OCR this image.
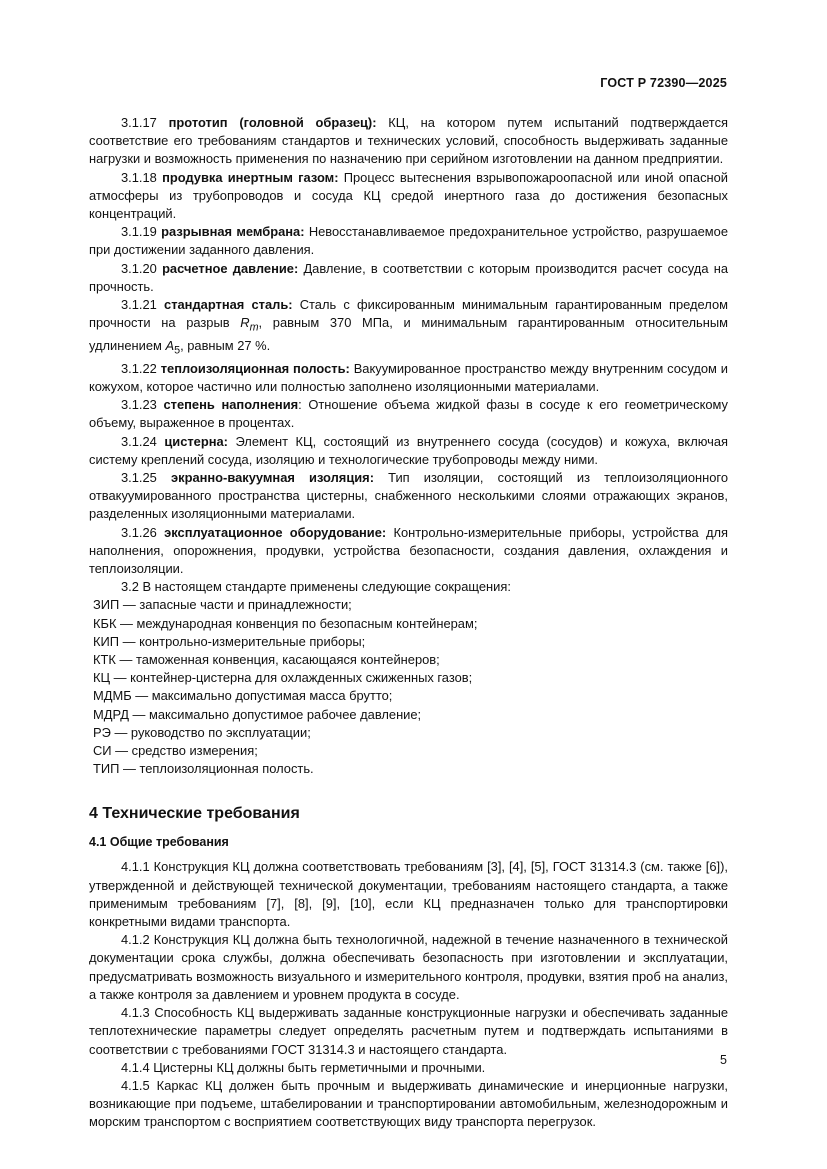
ГОСТ Р 72390—2025

3.1.17 прототип (головной образец): КЦ, на котором путем испытаний подтверждается соответствие его требованиям стандартов и технических условий, способность выдерживать заданные нагрузки и возможность применения по назначению при серийном изготовлении на данном предприятии.

3.1.18 продувка инертным газом: Процесс вытеснения взрывопожароопасной или иной опасной атмосферы из трубопроводов и сосуда КЦ средой инертного газа до достижения безопасных концентраций.

3.1.19 разрывная мембрана: Невосстанавливаемое предохранительное устройство, разрушаемое при достижении заданного давления.

3.1.20 расчетное давление: Давление, в соответствии с которым производится расчет сосуда на прочность.

3.1.21 стандартная сталь: Сталь с фиксированным минимальным гарантированным пределом прочности на разрыв $R_m$, равным 370 МПа, и минимальным гарантированным относительным удлинением $A_5$, равным 27 %.

3.1.22 теплоизоляционная полость: Вакуумированное пространство между внутренним сосудом и кожухом, которое частично или полностью заполнено изоляционными материалами.

3.1.23 степень наполнения: Отношение объема жидкой фазы в сосуде к его геометрическому объему, выраженное в процентах.

3.1.24 цистерна: Элемент КЦ, состоящий из внутреннего сосуда (сосудов) и кожуха, включая систему креплений сосуда, изоляцию и технологические трубопроводы между ними.

3.1.25 экранно-вакуумная изоляция: Тип изоляции, состоящий из теплоизоляционного отвакуумированного пространства цистерны, снабженного несколькими слоями отражающих экранов, разделенных изоляционными материалами.

3.1.26 эксплуатационное оборудование: Контрольно-измерительные приборы, устройства для наполнения, опорожнения, продувки, устройства безопасности, создания давления, охлаждения и теплоизоляции.

3.2 В настоящем стандарте применены следующие сокращения:

ЗИП — запасные части и принадлежности;

КБК — международная конвенция по безопасным контейнерам;

КИП — контрольно-измерительные приборы;

КТК — таможенная конвенция, касающаяся контейнеров;

КЦ — контейнер-цистерна для охлажденных сжиженных газов;

МДМБ — максимально допустимая масса брутто;

МДРД — максимально допустимое рабочее давление;

РЭ — руководство по эксплуатации;

СИ — средство измерения;

ТИП — теплоизоляционная полость.

4 Технические требования
4.1 Общие требования

4.1.1 Конструкция КЦ должна соответствовать требованиям [3], [4], [5], ГОСТ 31314.3 (см. также [6]), утвержденной и действующей технической документации, требованиям настоящего стандарта, а также применимым требованиям [7], [8], [9], [10], если КЦ предназначен только для транспортировки конкретными видами транспорта.

4.1.2 Конструкция КЦ должна быть технологичной, надежной в течение назначенного в технической документации срока службы, должна обеспечивать безопасность при изготовлении и эксплуатации, предусматривать возможность визуального и измерительного контроля, продувки, взятия проб на анализ, а также контроля за давлением и уровнем продукта в сосуде.

4.1.3 Способность КЦ выдерживать заданные конструкционные нагрузки и обеспечивать заданные теплотехнические параметры следует определять расчетным путем и подтверждать испытаниями в соответствии с требованиями ГОСТ 31314.3 и настоящего стандарта.

4.1.4 Цистерны КЦ должны быть герметичными и прочными.

4.1.5 Каркас КЦ должен быть прочным и выдерживать динамические и инерционные нагрузки, возникающие при подъеме, штабелировании и транспортировании автомобильным, железнодорожным и морским транспортом с восприятием соответствующих виду транспорта перегрузок.

5
